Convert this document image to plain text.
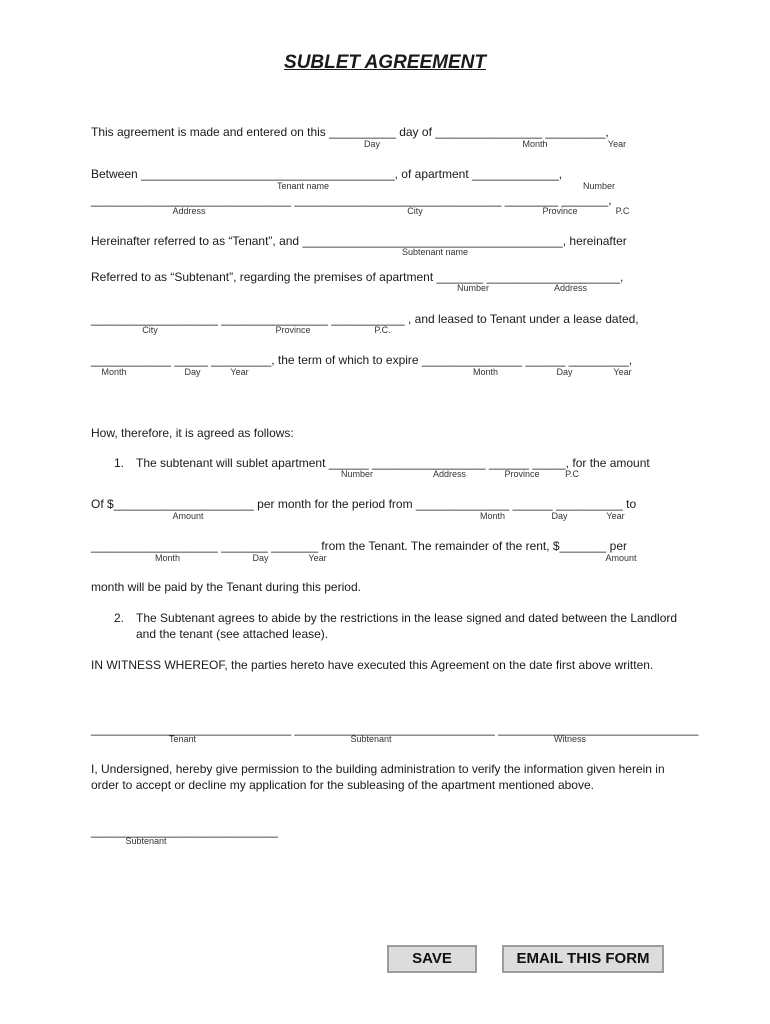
SUBLET AGREEMENT
This agreement is made and entered on this __________ day of ________________ _________,
Day	Month	Year
Between ______________________________________, of apartment _____________,
Tenant name	Number
______________________________ _______________________________ ________ _______,
Address	City	Province	P.C
Hereinafter referred to as “Tenant”, and _______________________________________, hereinafter
Subtenant name
Referred to as “Subtenant”, regarding the premises of apartment _______ ____________________,
Number	Address
___________________ ________________ ___________ , and leased to Tenant under a lease dated,
City	Province	P.C.
____________ _____ _________, the term of which to expire _______________ ______ _________,
Month	Day	Year	Month	Day	Year
How, therefore, it is agreed as follows:
1. The subtenant will sublet apartment ______ _________________ ______ _____, for the amount
Number	Address	Province	P.C
Of $_____________________ per month for the period from ______________ ______ __________ to
Amount	Month	Day	Year
___________________ _______ _______ from the Tenant. The remainder of the rent, $_______ per
Month	Day	Year	Amount
month will be paid by the Tenant during this period.
2. The Subtenant agrees to abide by the restrictions in the lease signed and dated between the Landlord and the tenant (see attached lease).
IN WITNESS WHEREOF, the parties hereto have executed this Agreement on the date first above written.
______________________________ ______________________________ ______________________________
Tenant	Subtenant	Witness
I, Undersigned, hereby give permission to the building administration to verify the information given herein in order to accept or decline my application for the subleasing of the apartment mentioned above.
____________________________
Subtenant
SAVE	EMAIL THIS FORM
